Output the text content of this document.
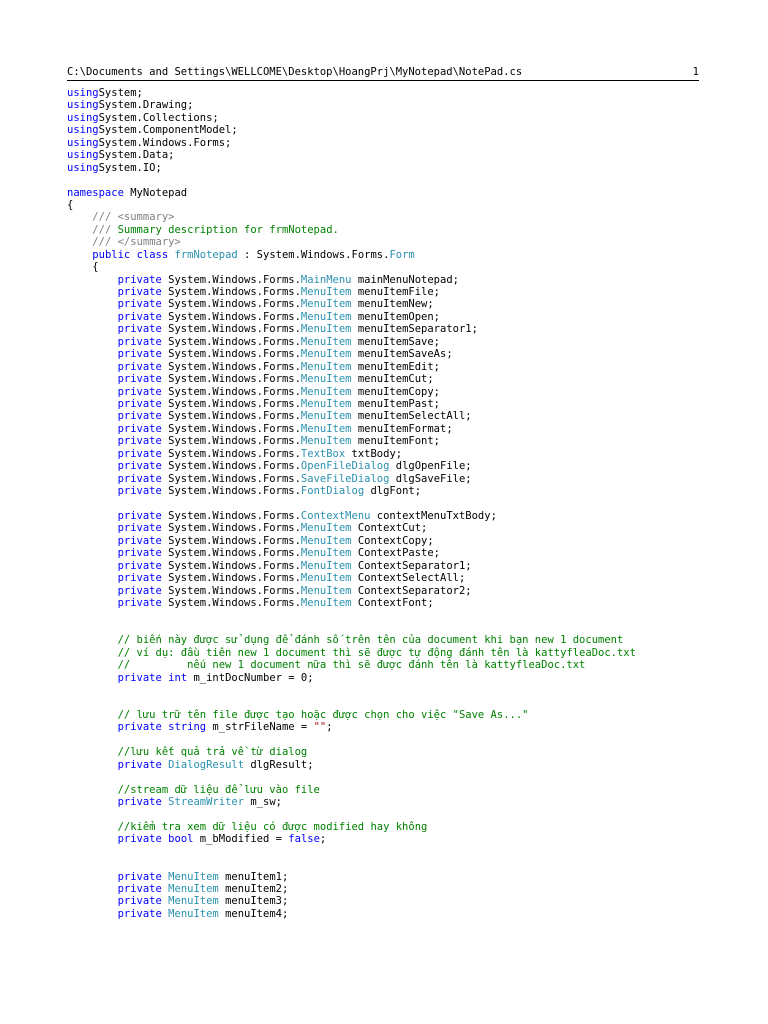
C:\Documents and Settings\WELLCOME\Desktop\HoangPrj\MyNotepad\NotePad.cs	1
usingSystem;
usingSystem.Drawing;
usingSystem.Collections;
usingSystem.ComponentModel;
usingSystem.Windows.Forms;
usingSystem.Data;
usingSystem.IO;
namespace MyNotepad
{
/// <summary>
/// Summary description for frmNotepad.
/// </summary>
public class frmNotepad : System.Windows.Forms.Form
{
private System.Windows.Forms.MainMenu mainMenuNotepad;
private System.Windows.Forms.MenuItem menuItemFile;
private System.Windows.Forms.MenuItem menuItemNew;
private System.Windows.Forms.MenuItem menuItemOpen;
private System.Windows.Forms.MenuItem menuItemSeparator1;
private System.Windows.Forms.MenuItem menuItemSave;
private System.Windows.Forms.MenuItem menuItemSaveAs;
private System.Windows.Forms.MenuItem menuItemEdit;
private System.Windows.Forms.MenuItem menuItemCut;
private System.Windows.Forms.MenuItem menuItemCopy;
private System.Windows.Forms.MenuItem menuItemPast;
private System.Windows.Forms.MenuItem menuItemSelectAll;
private System.Windows.Forms.MenuItem menuItemFormat;
private System.Windows.Forms.MenuItem menuItemFont;
private System.Windows.Forms.TextBox txtBody;
private System.Windows.Forms.OpenFileDialog dlgOpenFile;
private System.Windows.Forms.SaveFileDialog dlgSaveFile;
private System.Windows.Forms.FontDialog dlgFont;
private System.Windows.Forms.ContextMenu contextMenuTxtBody;
private System.Windows.Forms.MenuItem ContextCut;
private System.Windows.Forms.MenuItem ContextCopy;
private System.Windows.Forms.MenuItem ContextPaste;
private System.Windows.Forms.MenuItem ContextSeparator1;
private System.Windows.Forms.MenuItem ContextSelectAll;
private System.Windows.Forms.MenuItem ContextSeparator2;
private System.Windows.Forms.MenuItem ContextFont;
// biến này được sử dụng để đánh số trên tên của document khi bạn new 1 document
// ví dụ: đầu tiên new 1 document thì sẽ được tự động đánh tên là kattyfleaDoc.txt
//         nếu new 1 document nữa thì sẽ được đánh tên là kattyfleaDoc.txt
private int m_intDocNumber = 0;
// lưu trữ tên file được tạo hoặc được chọn cho việc "Save As..."
private string m_strFileName = "";
//lưu kết quả trả về từ dialog
private DialogResult dlgResult;
//stream dữ liệu để lưu vào file
private StreamWriter m_sw;
//kiểm tra xem dữ liệu có được modified hay không
private bool m_bModified = false;
private MenuItem menuItem1;
private MenuItem menuItem2;
private MenuItem menuItem3;
private MenuItem menuItem4;
